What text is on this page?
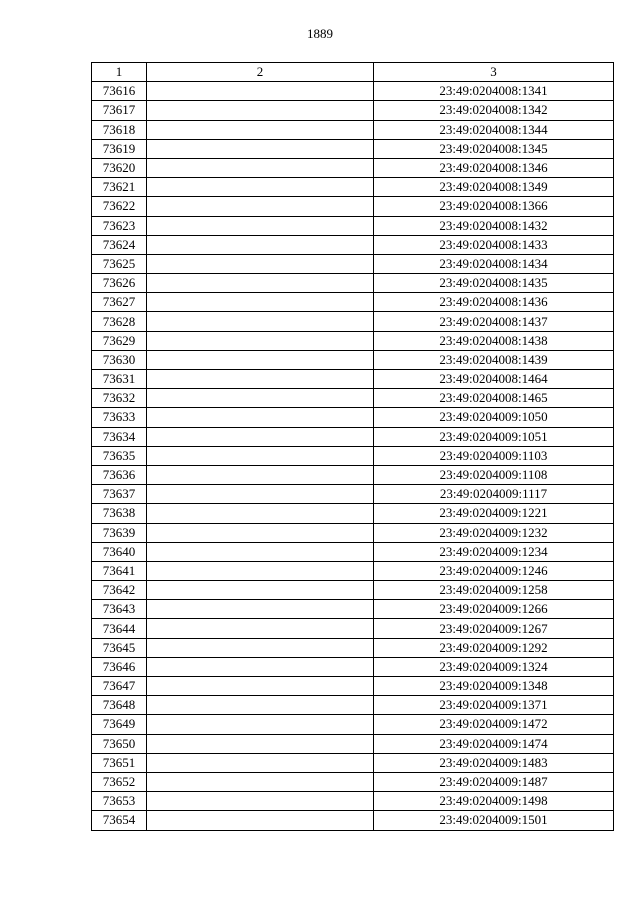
1889
1	2	3
73616		23:49:0204008:1341
73617		23:49:0204008:1342
73618		23:49:0204008:1344
73619		23:49:0204008:1345
73620		23:49:0204008:1346
73621		23:49:0204008:1349
73622		23:49:0204008:1366
73623		23:49:0204008:1432
73624		23:49:0204008:1433
73625		23:49:0204008:1434
73626		23:49:0204008:1435
73627		23:49:0204008:1436
73628		23:49:0204008:1437
73629		23:49:0204008:1438
73630		23:49:0204008:1439
73631		23:49:0204008:1464
73632		23:49:0204008:1465
73633		23:49:0204009:1050
73634		23:49:0204009:1051
73635		23:49:0204009:1103
73636		23:49:0204009:1108
73637		23:49:0204009:1117
73638		23:49:0204009:1221
73639		23:49:0204009:1232
73640		23:49:0204009:1234
73641		23:49:0204009:1246
73642		23:49:0204009:1258
73643		23:49:0204009:1266
73644		23:49:0204009:1267
73645		23:49:0204009:1292
73646		23:49:0204009:1324
73647		23:49:0204009:1348
73648		23:49:0204009:1371
73649		23:49:0204009:1472
73650		23:49:0204009:1474
73651		23:49:0204009:1483
73652		23:49:0204009:1487
73653		23:49:0204009:1498
73654		23:49:0204009:1501
